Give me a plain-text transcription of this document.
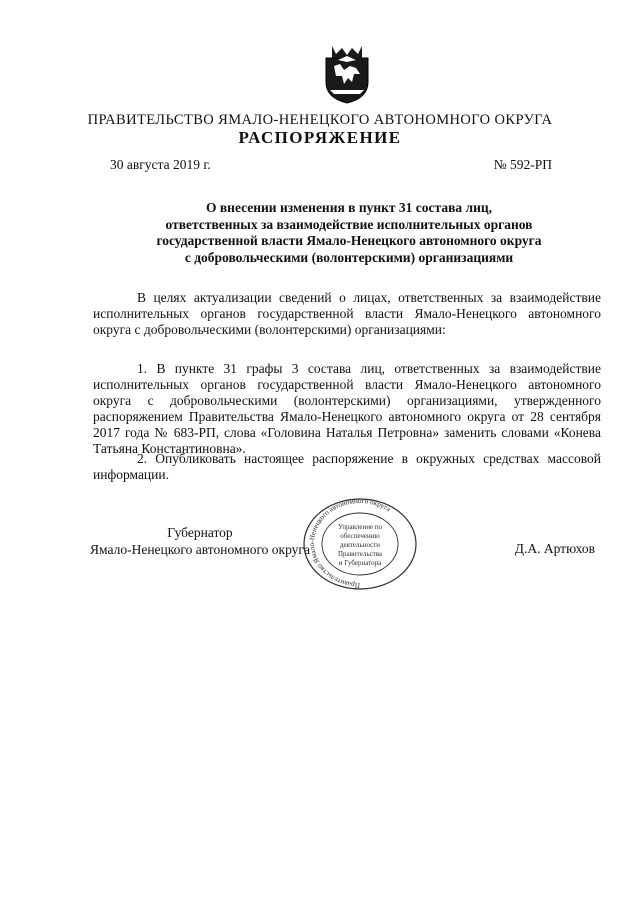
ПРАВИТЕЛЬСТВО ЯМАЛО-НЕНЕЦКОГО АВТОНОМНОГО ОКРУГА
РАСПОРЯЖЕНИЕ
30 августа 2019 г.	№ 592-РП
О внесении изменения в пункт 31 состава лиц,
ответственных за взаимодействие исполнительных органов
государственной власти Ямало-Ненецкого автономного округа
с добровольческими (волонтерскими) организациями
В целях актуализации сведений о лицах, ответственных за взаимодействие исполнительных органов государственной власти Ямало-Ненецкого автономного округа с добровольческими (волонтерскими) организациями:
1. В пункте 31 графы 3 состава лиц, ответственных за взаимодействие исполнительных органов государственной власти Ямало-Ненецкого автономного округа с добровольческими (волонтерскими) организациями, утвержденного распоряжением Правительства Ямало-Ненецкого автономного округа от 28 сентября 2017 года № 683-РП, слова «Головина Наталья Петровна» заменить словами «Конева Татьяна Константиновна».
2. Опубликовать настоящее распоряжение в окружных средствах массовой информации.
Губернатор
Ямало-Ненецкого автономного округа	Д.А. Артюхов
Правительство Ямало-Ненецкого автономного округа
Управление по
обеспечению
деятельности
Правительства
и Губернатора
